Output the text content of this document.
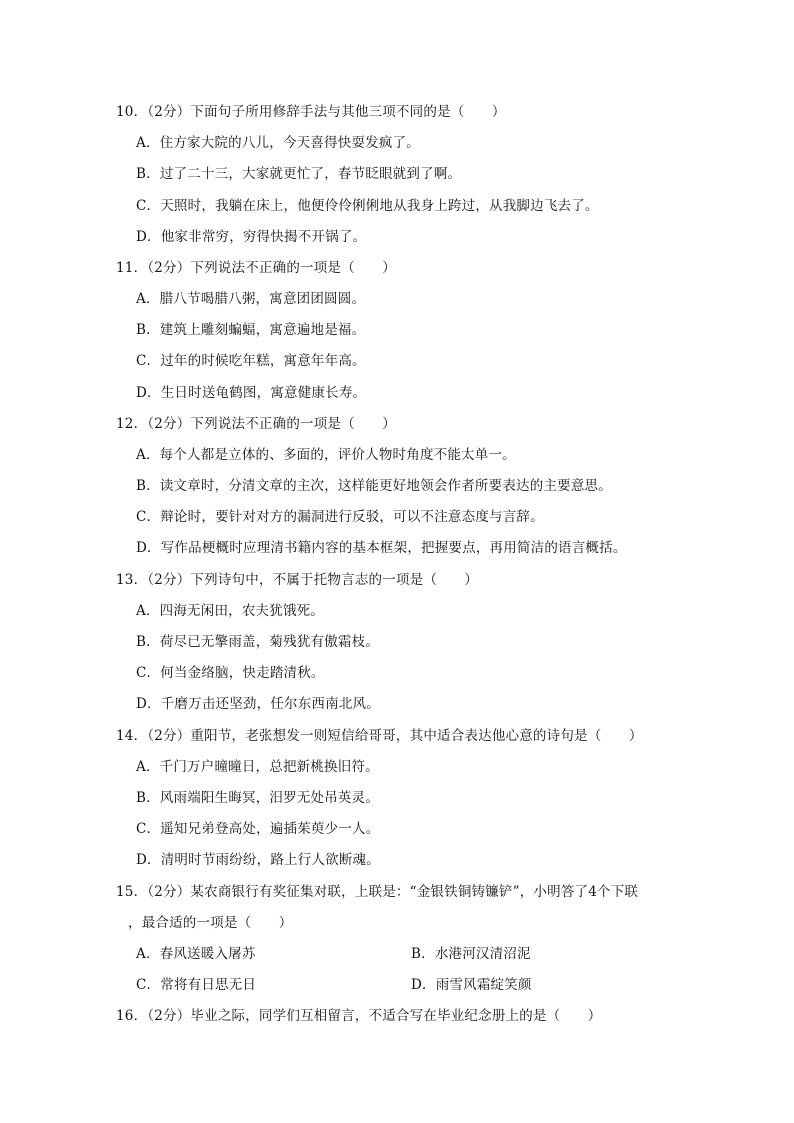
10．（2分）下面句子所用修辞手法与其他三项不同的是（　　）
A．住方家大院的八儿，今天喜得快耍发疯了。
B．过了二十三，大家就更忙了，春节眨眼就到了啊。
C．天照时，我躺在床上，他便伶伶俐俐地从我身上跨过，从我脚边飞去了。
D．他家非常穷，穷得快揭不开锅了。
11．（2分）下列说法不正确的一项是（　　）
A．腊八节喝腊八粥，寓意团团圆圆。
B．建筑上雕刻蝙蝠，寓意遍地是福。
C．过年的时候吃年糕，寓意年年高。
D．生日时送龟鹤图，寓意健康长寿。
12．（2分）下列说法不正确的一项是（　　）
A．每个人都是立体的、多面的，评价人物时角度不能太单一。
B．读文章时，分清文章的主次，这样能更好地领会作者所要表达的主要意思。
C．辩论时，要针对对方的漏洞进行反驳，可以不注意态度与言辞。
D．写作品梗概时应理清书籍内容的基本框架，把握要点，再用简洁的语言概括。
13．（2分）下列诗句中，不属于托物言志的一项是（　　）
A．四海无闲田，农夫犹饿死。
B．荷尽已无擎雨盖，菊残犹有傲霜枝。
C．何当金络脑，快走踏清秋。
D．千磨万击还坚劲，任尔东西南北风。
14．（2分）重阳节，老张想发一则短信给哥哥，其中适合表达他心意的诗句是（　　）
A．千门万户曈曈日，总把新桃换旧符。
B．风雨端阳生晦冥，汨罗无处吊英灵。
C．遥知兄弟登高处，遍插茱萸少一人。
D．清明时节雨纷纷，路上行人欲断魂。
15．（2分）某农商银行有奖征集对联，上联是：“金银铁铜铸镰铲”，小明答了4个下联
，最合适的一项是（　　）
A．春风送暖入屠苏	B．水港河汉清沼泥
C．常将有日思无日	D．雨雪风霜绽笑颜
16．（2分）毕业之际，同学们互相留言，不适合写在毕业纪念册上的是（　　）
